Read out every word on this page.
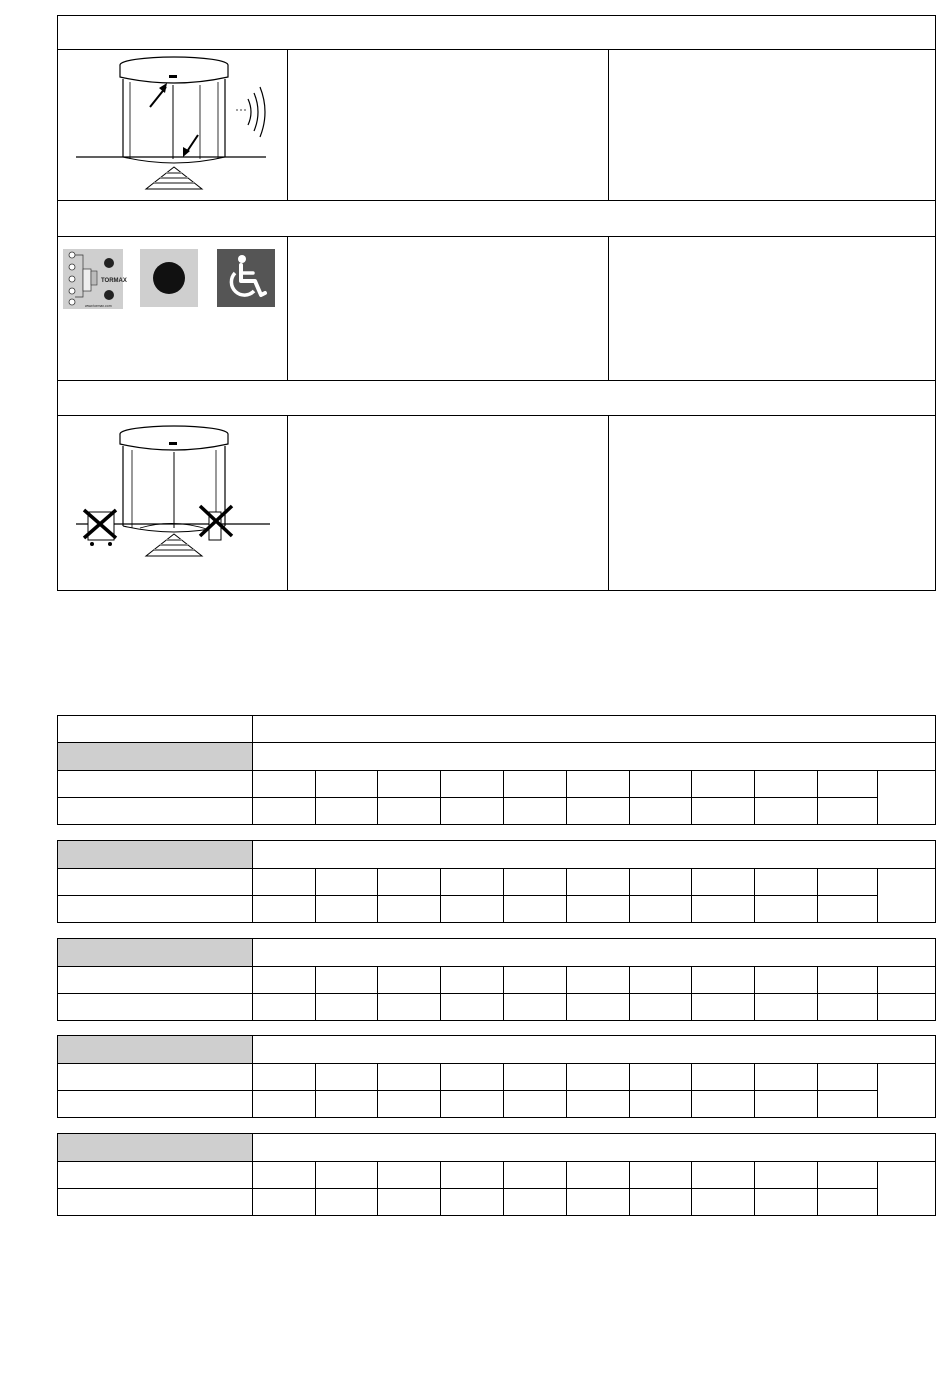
TORMAX
www.tormax.com
